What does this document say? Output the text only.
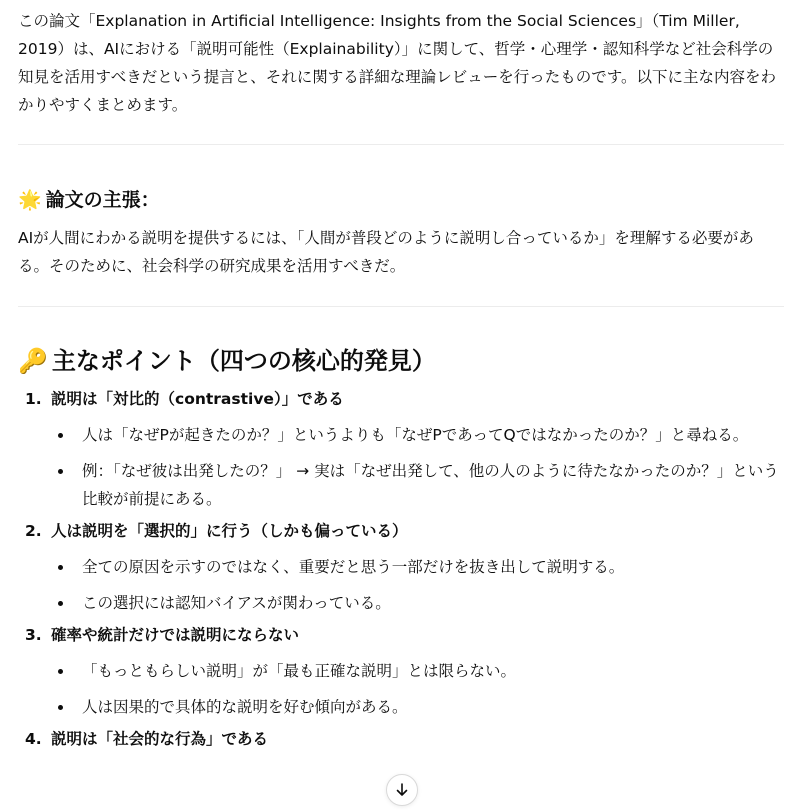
この論文「Explanation in Artificial Intelligence: Insights from the Social Sciences」（Tim Miller, 2019）は、AIにおける「説明可能性（Explainability）」に関して、哲学・心理学・認知科学など社会科学の知見を活用すべきだという提言と、それに関する詳細な理論レビューを行ったものです。以下に主な内容をわかりやすくまとめます。

🌟 論文の主張：

AIが人間にわかる説明を提供するには、「人間が普段どのように説明し合っているか」を理解する必要がある。そのために、社会科学の研究成果を活用すべきだ。

🔑 主なポイント（四つの核心的発見）
1. 説明は「対比的（contrastive）」である
人は「なぜPが起きたのか？」というよりも「なぜPであってQではなかったのか？」と尋ねる。
例：「なぜ彼は出発したの？」 → 実は「なぜ出発して、他の人のように待たなかったのか？」という比較が前提にある。
2. 人は説明を「選択的」に行う（しかも偏っている）
全ての原因を示すのではなく、重要だと思う一部だけを抜き出して説明する。
この選択には認知バイアスが関わっている。
3. 確率や統計だけでは説明にならない
「もっともらしい説明」が「最も正確な説明」とは限らない。
人は因果的で具体的な説明を好む傾向がある。
4. 説明は「社会的な行為」である
